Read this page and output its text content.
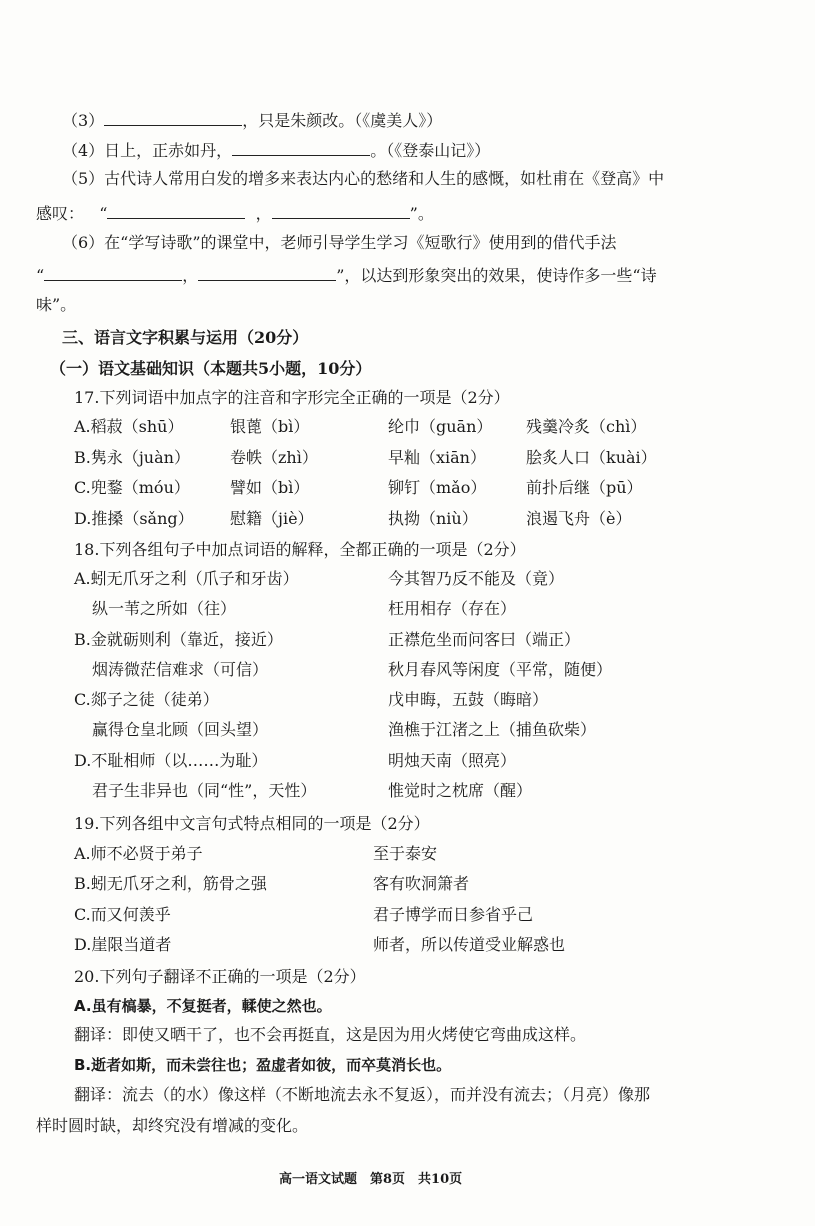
（3）	，只是朱颜改。（《虞美人》）
（4）日上，正赤如丹，	。（《登泰山记》）
（5）古代诗人常用白发的增多来表达内心的愁绪和人生的感慨，如杜甫在《登高》中
感叹： “	，	”。
（6）在“学写诗歌”的课堂中，老师引导学生学习《短歌行》使用到的借代手法
“	，	”，以达到形象突出的效果，使诗作多一些“诗
味”。
三、语言文字积累与运用（20分）
（一）语文基础知识（本题共5小题，10分）
17.下列词语中加点字的注音和字形完全正确的一项是（2分）
A.稻菽（shū）	银蓖（bì）	纶巾（guān） 残羹冷炙（chì）
B.隽永（juàn）	卷帙（zhì）	早籼（xiān）	脍炙人口（kuài）
C.兜鍪（móu）	譬如（bì）	铆钉（mǎo） 前扑后继（pū）
D.推搡（sǎng） 慰籍（jiè）	执拗（niù）	浪遏飞舟（è）
18.下列各组句子中加点词语的解释，全都正确的一项是（2分）
A.蚓无爪牙之利（爪子和牙齿）	今其智乃反不能及（竟）
纵一苇之所如（往）	枉用相存（存在）
B.金就砺则利（靠近，接近）	正襟危坐而问客曰（端正）
烟涛微茫信难求（可信）	秋月春风等闲度（平常，随便）
C.郯子之徒（徒弟）	戊申晦，五鼓（晦暗）
赢得仓皇北顾（回头望）	渔樵于江渚之上（捕鱼砍柴）
D.不耻相师（以……为耻）	明烛天南（照亮）
君子生非异也（同“性”，天性）	惟觉时之枕席（醒）
19.下列各组中文言句式特点相同的一项是（2分）
A.师不必贤于弟子	至于泰安
B.蚓无爪牙之利，筋骨之强	客有吹洞箫者
C.而又何羡乎	君子博学而日参省乎己
D.崖限当道者	师者，所以传道受业解惑也
20.下列句子翻译不正确的一项是（2分）
A.虽有槁暴，不复挺者，輮使之然也。
翻译：即使又晒干了，也不会再挺直，这是因为用火烤使它弯曲成这样。
B.逝者如斯，而未尝往也；盈虚者如彼，而卒莫消长也。
翻译：流去（的水）像这样（不断地流去永不复返），而并没有流去；（月亮）像那
样时圆时缺，却终究没有增减的变化。
高一语文试题　第8页　共10页
